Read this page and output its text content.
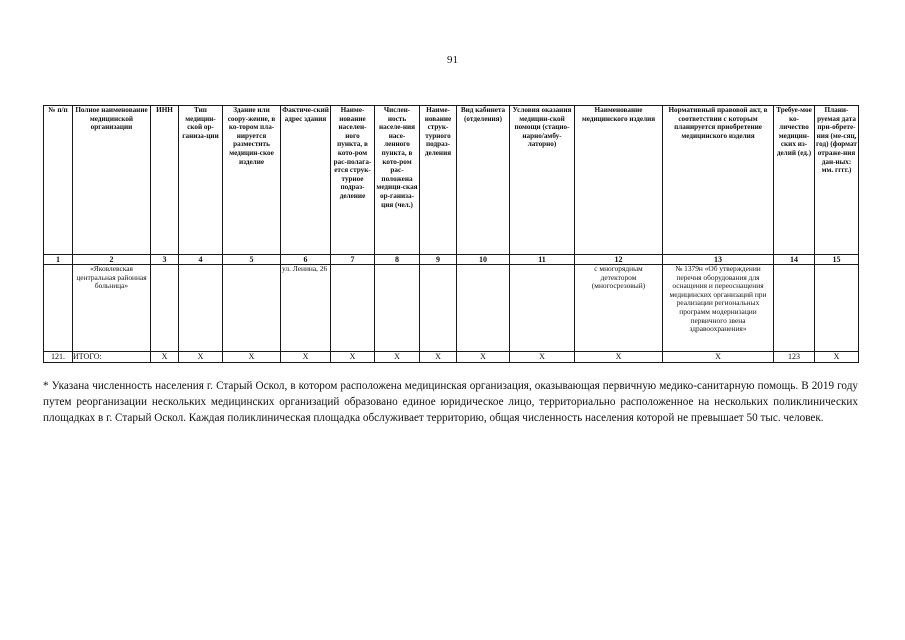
91
№ п/п	Полное наименование медицинской организации	ИНН	Тип медицин-ской ор-ганиза-ции	Здание или соору-жение, в ко-тором пла-нируется разместить медицин-ское изделие	Фактиче-ский адрес здания	Наиме-нование населен-ного пункта, в кото-ром рас-полага-ется струк-турное подраз-деление	Числен-ность населе-ния насе-ленного пункта, в кото-ром рас-положена медици-ская ор-ганиза-ция (чел.)	Наиме-нование струк-турного подраз-деления	Вид кабинета (отделения)	Условия оказания медицин-ской помощи (стацио-нарно/амбу-латорно)	Наименование медицинского изделия	Нормативный правовой акт, в соответствии с которым планируется приобретение медицинского изделия	Требуе-мое ко-личество медицин-ских из-делий (ед.)	Плани-руемая дата при-обрете-ния (ме-сяц, год) (формат отраже-ния дан-ных: мм. гггг.)
1	2	3	4	5	6	7	8	9	10	11	12	13	14	15
	«Яковлевская центральная районная больница»				ул. Ленина, 26						с многорядным детектором (многосрезовый)	№ 1379н «Об утверждении перечня оборудования для оснащения и переоснащения медицинских организаций при реализации региональных программ модернизации первичного звена здравоохранения»		
121.	ИТОГО:	Х	Х	Х	Х	Х	Х	Х	Х	Х	Х	Х	123	Х

* Указана численность населения г. Старый Оскол, в котором расположена медицинская организация, оказывающая первичную медико-санитарную помощь. В 2019 году путем реорганизации нескольких медицинских организаций образовано единое юридическое лицо, территориально расположенное на нескольких поликлинических площадках в г. Старый Оскол. Каждая поликлиническая площадка обслуживает территорию, общая численность населения которой не превышает 50 тыс. человек.
